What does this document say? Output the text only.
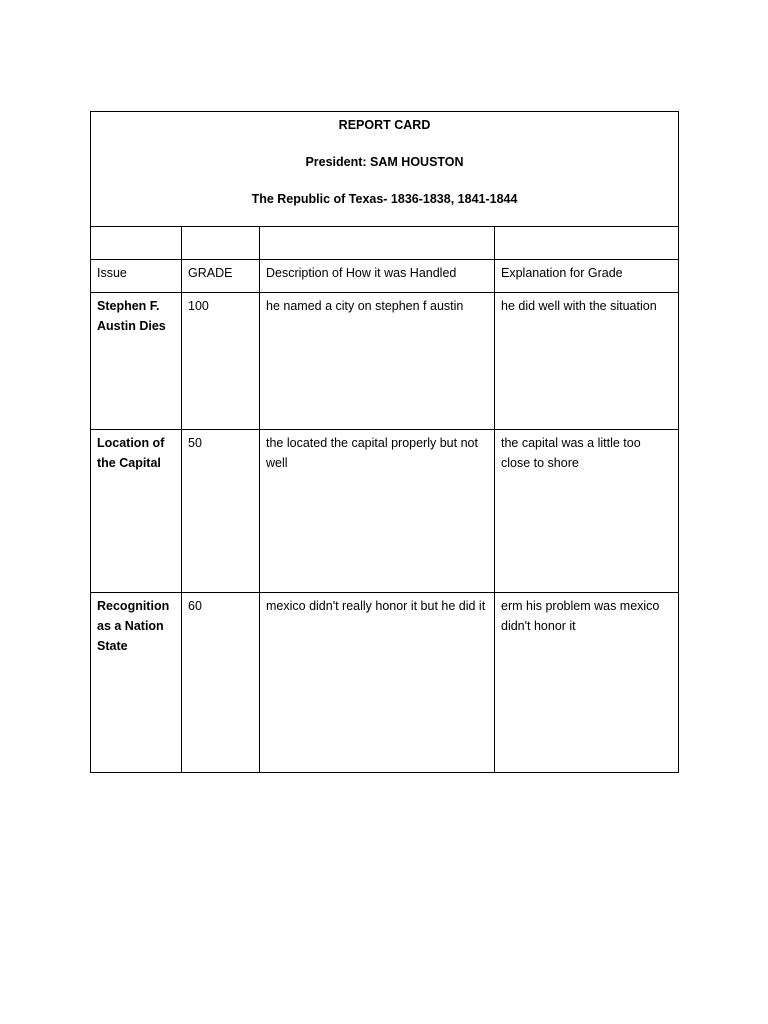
REPORT CARD
President: SAM HOUSTON
The Republic of Texas- 1836-1838, 1841-1844			

Issue	GRADE	Description of How it was Handled	Explanation for Grade

Stephen F. Austin Dies	100	he named a city on stephen f austin	he did well with the situation

Location of the Capital	50	the located the capital properly but not well	the capital was a little too close to shore

Recognition as a Nation State	60	mexico didn't really honor it but he did it	erm his problem was mexico didn't honor it
